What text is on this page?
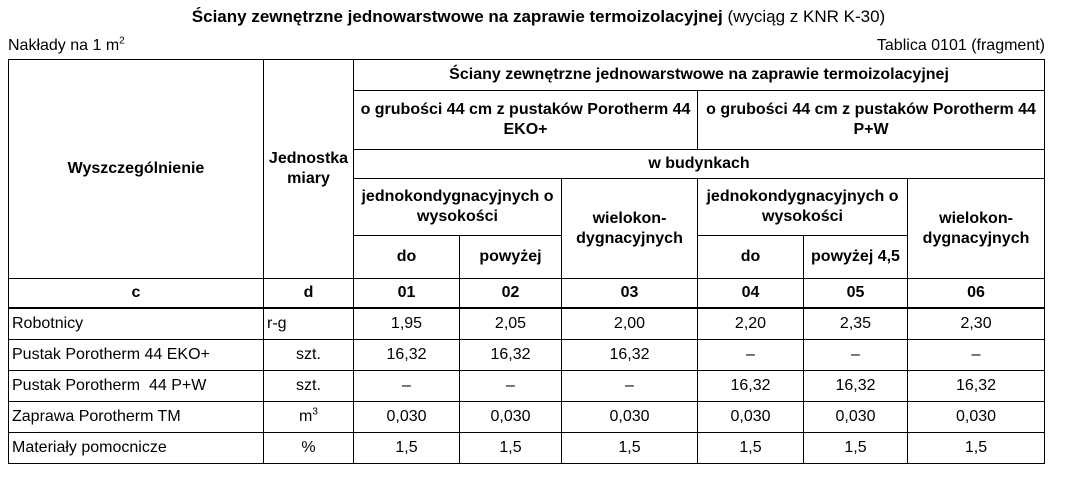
Ściany zewnętrzne jednowarstwowe na zaprawie termoizolacyjnej (wyciąg z KNR K-30)
Nakłady na 1 $m^2$	Tablica 0101 (fragment)
Wyszczególnienie	Jednostka miary	Ściany zewnętrzne jednowarstwowe na zaprawie termoizolacyjnej					
		o grubości 44 cm z pustaków Porotherm 44 EKO+			o grubości 44 cm z pustaków Porotherm 44 P+W		
		w budynkach					
		jednokondygnacyjnych o wysokości		wielokon-dygnacyjnych	jednokondygnacyjnych o wysokości		wielokon-dygnacyjnych
		do	powyżej		do	powyżej 4,5	
c	d	01	02	03	04	05	06
Robotnicy	r-g	1,95	2,05	2,00	2,20	2,35	2,30
Pustak Porotherm 44 EKO+	szt.	16,32	16,32	16,32	–	–	–
Pustak Porotherm  44 P+W	szt.	–	–	–	16,32	16,32	16,32
Zaprawa Porotherm TM	$m^3$	0,030	0,030	0,030	0,030	0,030	0,030
Materiały pomocnicze	%	1,5	1,5	1,5	1,5	1,5	1,5
